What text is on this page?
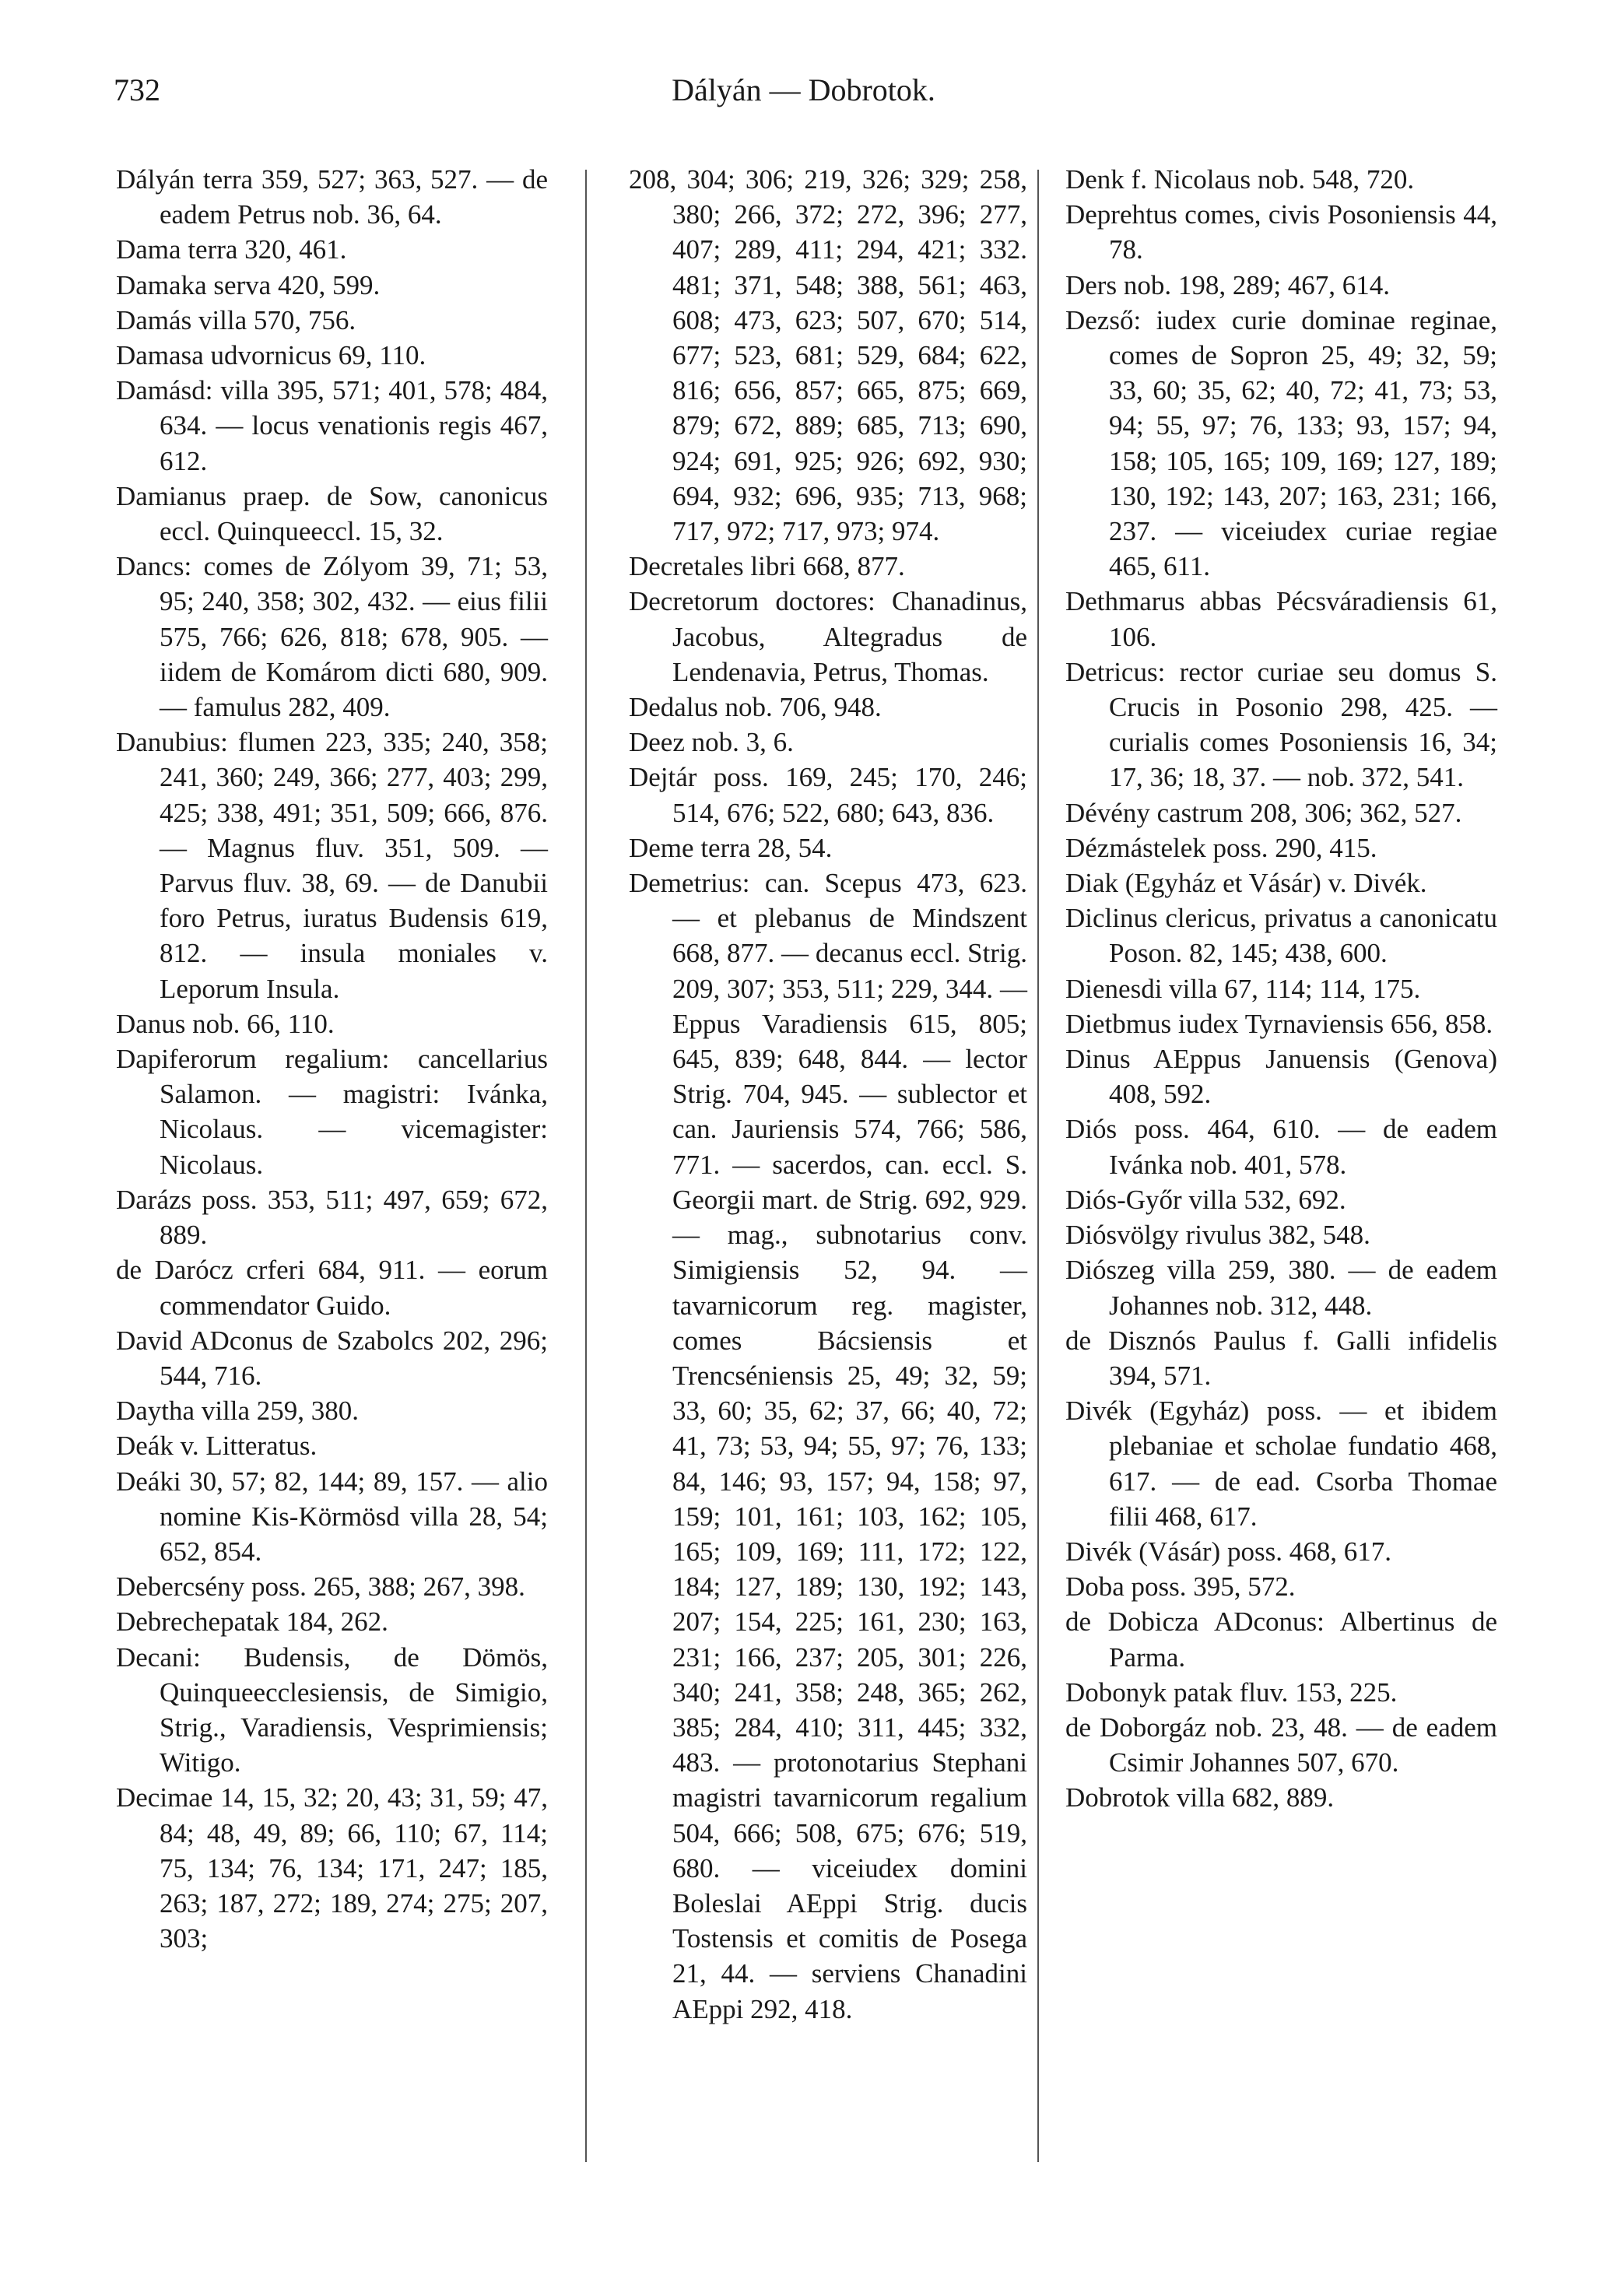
732	Dályán — Dobrotok.
Dályán terra 359, 527; 363, 527. — de eadem Petrus nob. 36, 64.
Dama terra 320, 461.
Damaka serva 420, 599.
Damás villa 570, 756.
Damasa udvornicus 69, 110.
Damásd: villa 395, 571; 401, 578; 484, 634. — locus venationis regis 467, 612.
Damianus praep. de Sow, canonicus eccl. Quinqueeccl. 15, 32.
Dancs: comes de Zólyom 39, 71; 53, 95; 240, 358; 302, 432. — eius filii 575, 766; 626, 818; 678, 905. — iidem de Komárom dicti 680, 909. — famulus 282, 409.
Danubius: flumen 223, 335; 240, 358; 241, 360; 249, 366; 277, 403; 299, 425; 338, 491; 351, 509; 666, 876. — Magnus fluv. 351, 509. — Parvus fluv. 38, 69. — de Danubii foro Petrus, iuratus Budensis 619, 812. — insula moniales v. Leporum Insula.
Danus nob. 66, 110.
Dapiferorum regalium: cancellarius Salamon. — magistri: Ivánka, Nicolaus. — vicemagister: Nicolaus.
Darázs poss. 353, 511; 497, 659; 672, 889.
de Darócz crferi 684, 911. — eorum commendator Guido.
David ADconus de Szabolcs 202, 296; 544, 716.
Daytha villa 259, 380.
Deák v. Litteratus.
Deáki 30, 57; 82, 144; 89, 157. — alio nomine Kis-Körmösd villa 28, 54; 652, 854.
Debercsény poss. 265, 388; 267, 398.
Debrechepatak 184, 262.
Decani: Budensis, de Dömös, Quinqueecclesiensis, de Simigio, Strig., Varadiensis, Vesprimiensis; Witigo.
Decimae 14, 15, 32; 20, 43; 31, 59; 47, 84; 48, 49, 89; 66, 110; 67, 114; 75, 134; 76, 134; 171, 247; 185, 263; 187, 272; 189, 274; 275; 207, 303;
208, 304; 306; 219, 326; 329; 258, 380; 266, 372; 272, 396; 277, 407; 289, 411; 294, 421; 332. 481; 371, 548; 388, 561; 463, 608; 473, 623; 507, 670; 514, 677; 523, 681; 529, 684; 622, 816; 656, 857; 665, 875; 669, 879; 672, 889; 685, 713; 690, 924; 691, 925; 926; 692, 930; 694, 932; 696, 935; 713, 968; 717, 972; 717, 973; 974.
Decretales libri 668, 877.
Decretorum doctores: Chanadinus, Jacobus, Altegradus de Lendenavia, Petrus, Thomas.
Dedalus nob. 706, 948.
Deez nob. 3, 6.
Dejtár poss. 169, 245; 170, 246; 514, 676; 522, 680; 643, 836.
Deme terra 28, 54.
Demetrius: can. Scepus 473, 623. — et plebanus de Mindszent 668, 877. — decanus eccl. Strig. 209, 307; 353, 511; 229, 344. — Eppus Varadiensis 615, 805; 645, 839; 648, 844. — lector Strig. 704, 945. — sublector et can. Jauriensis 574, 766; 586, 771. — sacerdos, can. eccl. S. Georgii mart. de Strig. 692, 929. — mag., subnotarius conv. Simigiensis 52, 94. — tavarnicorum reg. magister, comes Bácsiensis et Trencséniensis 25, 49; 32, 59; 33, 60; 35, 62; 37, 66; 40, 72; 41, 73; 53, 94; 55, 97; 76, 133; 84, 146; 93, 157; 94, 158; 97, 159; 101, 161; 103, 162; 105, 165; 109, 169; 111, 172; 122, 184; 127, 189; 130, 192; 143, 207; 154, 225; 161, 230; 163, 231; 166, 237; 205, 301; 226, 340; 241, 358; 248, 365; 262, 385; 284, 410; 311, 445; 332, 483. — protonotarius Stephani magistri tavarnicorum regalium 504, 666; 508, 675; 676; 519, 680. — viceiudex domini Boleslai AEppi Strig. ducis Tostensis et comitis de Posega 21, 44. — serviens Chanadini AEppi 292, 418.
Denk f. Nicolaus nob. 548, 720.
Deprehtus comes, civis Posoniensis 44, 78.
Ders nob. 198, 289; 467, 614.
Dezső: iudex curie dominae reginae, comes de Sopron 25, 49; 32, 59; 33, 60; 35, 62; 40, 72; 41, 73; 53, 94; 55, 97; 76, 133; 93, 157; 94, 158; 105, 165; 109, 169; 127, 189; 130, 192; 143, 207; 163, 231; 166, 237. — viceiudex curiae regiae 465, 611.
Dethmarus abbas Pécsváradiensis 61, 106.
Detricus: rector curiae seu domus S. Crucis in Posonio 298, 425. — curialis comes Posoniensis 16, 34; 17, 36; 18, 37. — nob. 372, 541.
Dévény castrum 208, 306; 362, 527.
Dézmástelek poss. 290, 415.
Diak (Egyház et Vásár) v. Divék.
Diclinus clericus, privatus a canonicatu Poson. 82, 145; 438, 600.
Dienesdi villa 67, 114; 114, 175.
Dietbmus iudex Tyrnaviensis 656, 858.
Dinus AEppus Januensis (Genova) 408, 592.
Diós poss. 464, 610. — de eadem Ivánka nob. 401, 578.
Diós-Győr villa 532, 692.
Diósvölgy rivulus 382, 548.
Diószeg villa 259, 380. — de eadem Johannes nob. 312, 448.
de Disznós Paulus f. Galli infidelis 394, 571.
Divék (Egyház) poss. — et ibidem plebaniae et scholae fundatio 468, 617. — de ead. Csorba Thomae filii 468, 617.
Divék (Vásár) poss. 468, 617.
Doba poss. 395, 572.
de Dobicza ADconus: Albertinus de Parma.
Dobonyk patak fluv. 153, 225.
de Doborgáz nob. 23, 48. — de eadem Csimir Johannes 507, 670.
Dobrotok villa 682, 889.
